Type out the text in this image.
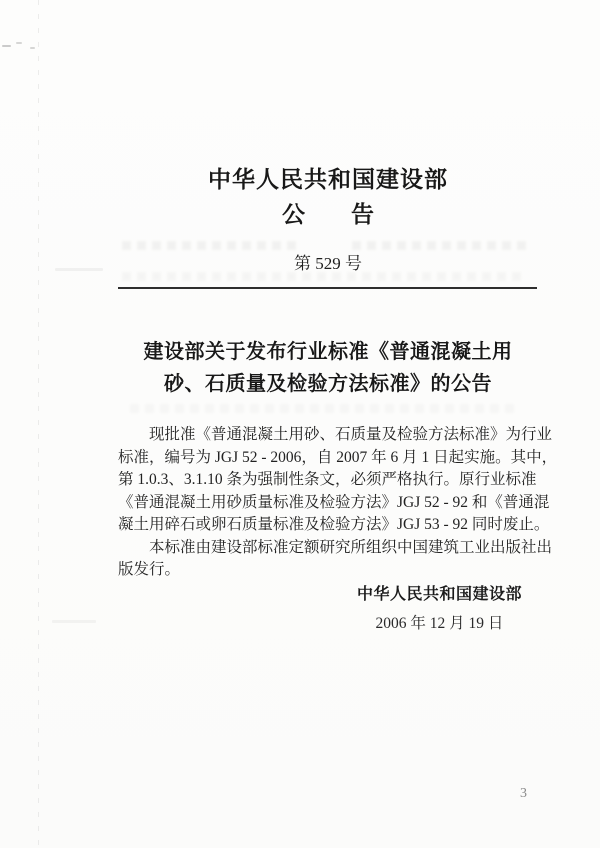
中华人民共和国建设部
公　　告
第 529 号
建设部关于发布行业标准《普通混凝土用
砂、石质量及检验方法标准》的公告
现批准《普通混凝土用砂、石质量及检验方法标准》为行业
标准，编号为 JGJ 52 - 2006，自 2007 年 6 月 1 日起实施。其中，
第 1.0.3、3.1.10 条为强制性条文，必须严格执行。原行业标准
《普通混凝土用砂质量标准及检验方法》JGJ 52 - 92 和《普通混
凝土用碎石或卵石质量标准及检验方法》JGJ 53 - 92 同时废止。
本标准由建设部标准定额研究所组织中国建筑工业出版社出
版发行。
中华人民共和国建设部
2006 年 12 月 19 日
3
